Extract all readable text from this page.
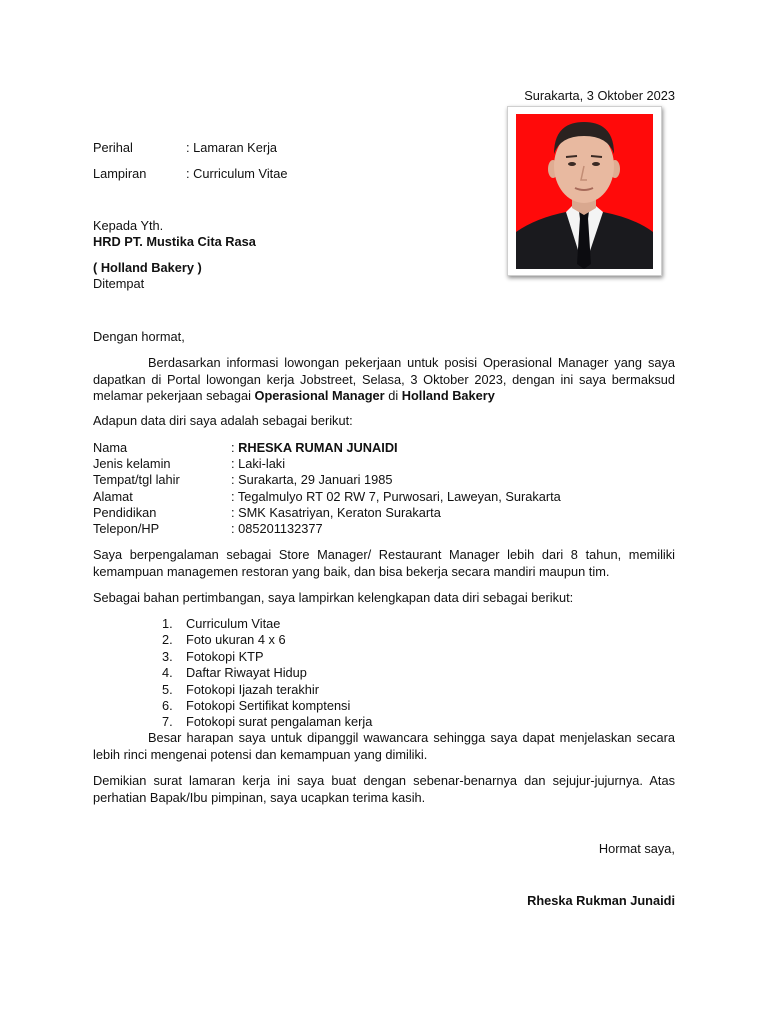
Surakarta, 3 Oktober 2023
Perihal	: Lamaran Kerja
Lampiran	: Curriculum Vitae
Kepada Yth.
HRD PT. Mustika Cita Rasa
( Holland Bakery )
Ditempat
Dengan hormat,
Berdasarkan informasi lowongan pekerjaan untuk posisi Operasional Manager yang saya dapatkan di Portal lowongan kerja Jobstreet, Selasa, 3 Oktober 2023, dengan ini saya bermaksud melamar pekerjaan sebagai Operasional Manager di Holland Bakery
Adapun data diri saya adalah sebagai berikut:
Nama	: RHESKA RUMAN JUNAIDI
Jenis kelamin	: Laki-laki
Tempat/tgl lahir	: Surakarta, 29 Januari 1985
Alamat	: Tegalmulyo RT 02 RW 7, Purwosari, Laweyan, Surakarta
Pendidikan	: SMK Kasatriyan, Keraton Surakarta
Telepon/HP	: 085201132377
Saya berpengalaman sebagai Store Manager/ Restaurant Manager lebih dari 8 tahun, memiliki kemampuan managemen restoran yang baik, dan bisa bekerja secara mandiri maupun tim.
Sebagai bahan pertimbangan, saya lampirkan kelengkapan data diri sebagai berikut:
1. Curriculum Vitae
2. Foto ukuran 4 x 6
3. Fotokopi KTP
4. Daftar Riwayat Hidup
5. Fotokopi Ijazah terakhir
6. Fotokopi Sertifikat komptensi
7. Fotokopi surat pengalaman kerja
Besar harapan saya untuk dipanggil wawancara sehingga saya dapat menjelaskan secara lebih rinci mengenai potensi dan kemampuan yang dimiliki.
Demikian surat lamaran kerja ini saya buat dengan sebenar-benarnya dan sejujur-jujurnya. Atas perhatian Bapak/Ibu pimpinan, saya ucapkan terima kasih.
Hormat saya,
Rheska Rukman Junaidi
